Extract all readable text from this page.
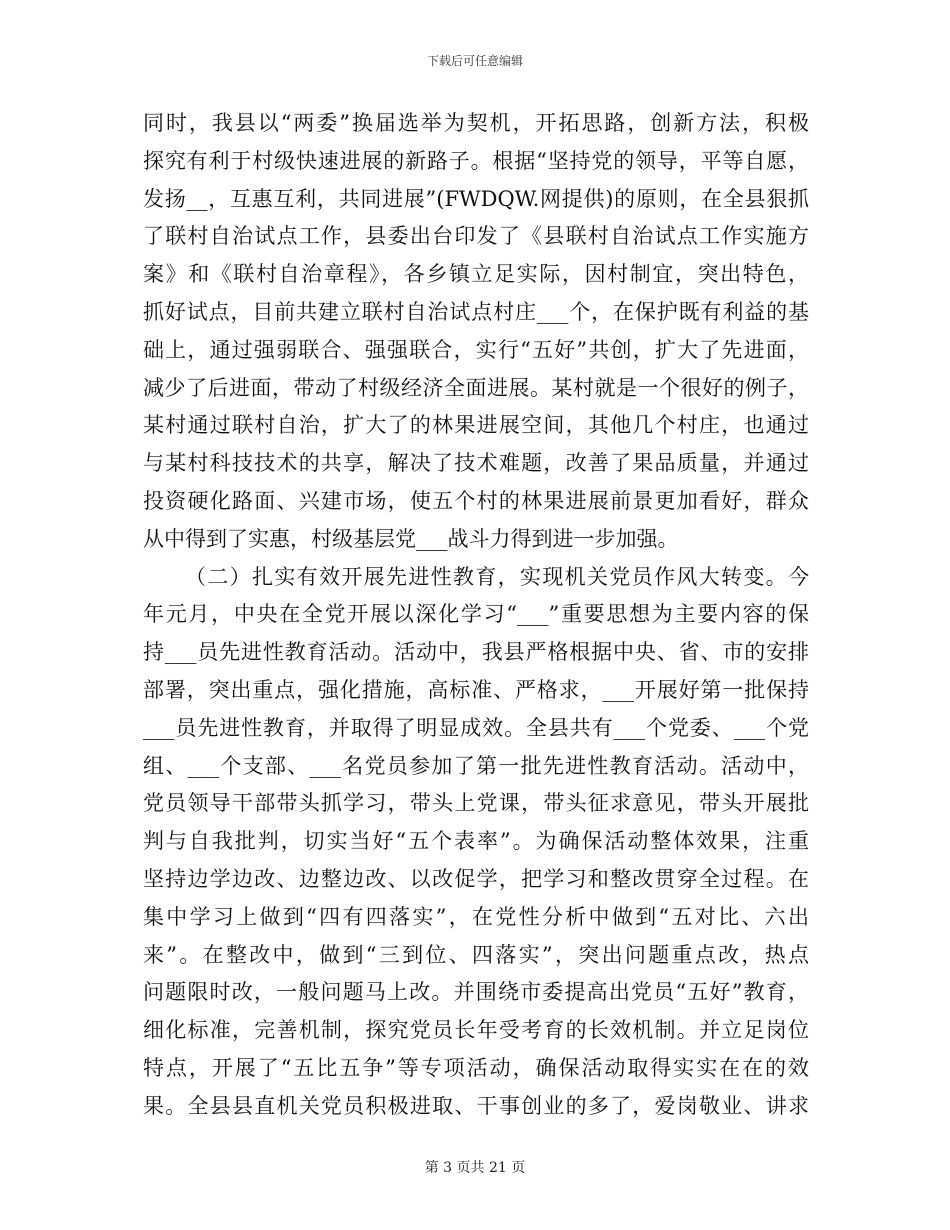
下载后可任意编辑
同时，我县以“两委”换届选举为契机，开拓思路，创新方法，积极
探究有利于村级快速进展的新路子。根据“坚持党的领导，平等自愿，
发扬__，互惠互利，共同进展”(FWDQW.网提供)的原则，在全县狠抓
了联村自治试点工作，县委出台印发了《县联村自治试点工作实施方
案》和《联村自治章程》，各乡镇立足实际，因村制宜，突出特色，
抓好试点，目前共建立联村自治试点村庄___个，在保护既有利益的基
础上，通过强弱联合、强强联合，实行“五好”共创，扩大了先进面，
减少了后进面，带动了村级经济全面进展。某村就是一个很好的例子，
某村通过联村自治，扩大了的林果进展空间，其他几个村庄，也通过
与某村科技技术的共享，解决了技术难题，改善了果品质量，并通过
投资硬化路面、兴建市场，使五个村的林果进展前景更加看好，群众
从中得到了实惠，村级基层党___战斗力得到进一步加强。
（二）扎实有效开展先进性教育，实现机关党员作风大转变。今
年元月，中央在全党开展以深化学习“___”重要思想为主要内容的保
持___员先进性教育活动。活动中，我县严格根据中央、省、市的安排
部署，突出重点，强化措施，高标准、严格求，___开展好第一批保持
___员先进性教育，并取得了明显成效。全县共有___个党委、___个党
组、___个支部、___名党员参加了第一批先进性教育活动。活动中，
党员领导干部带头抓学习，带头上党课，带头征求意见，带头开展批
判与自我批判，切实当好“五个表率”。为确保活动整体效果，注重
坚持边学边改、边整边改、以改促学，把学习和整改贯穿全过程。在
集中学习上做到“四有四落实”，在党性分析中做到“五对比、六出
来”。在整改中，做到“三到位、四落实”，突出问题重点改，热点
问题限时改，一般问题马上改。并围绕市委提高出党员“五好”教育，
细化标准，完善机制，探究党员长年受考育的长效机制。并立足岗位
特点，开展了“五比五争”等专项活动，确保活动取得实实在在的效
果。全县县直机关党员积极进取、干事创业的多了，爱岗敬业、讲求
第 3 页共 21 页
